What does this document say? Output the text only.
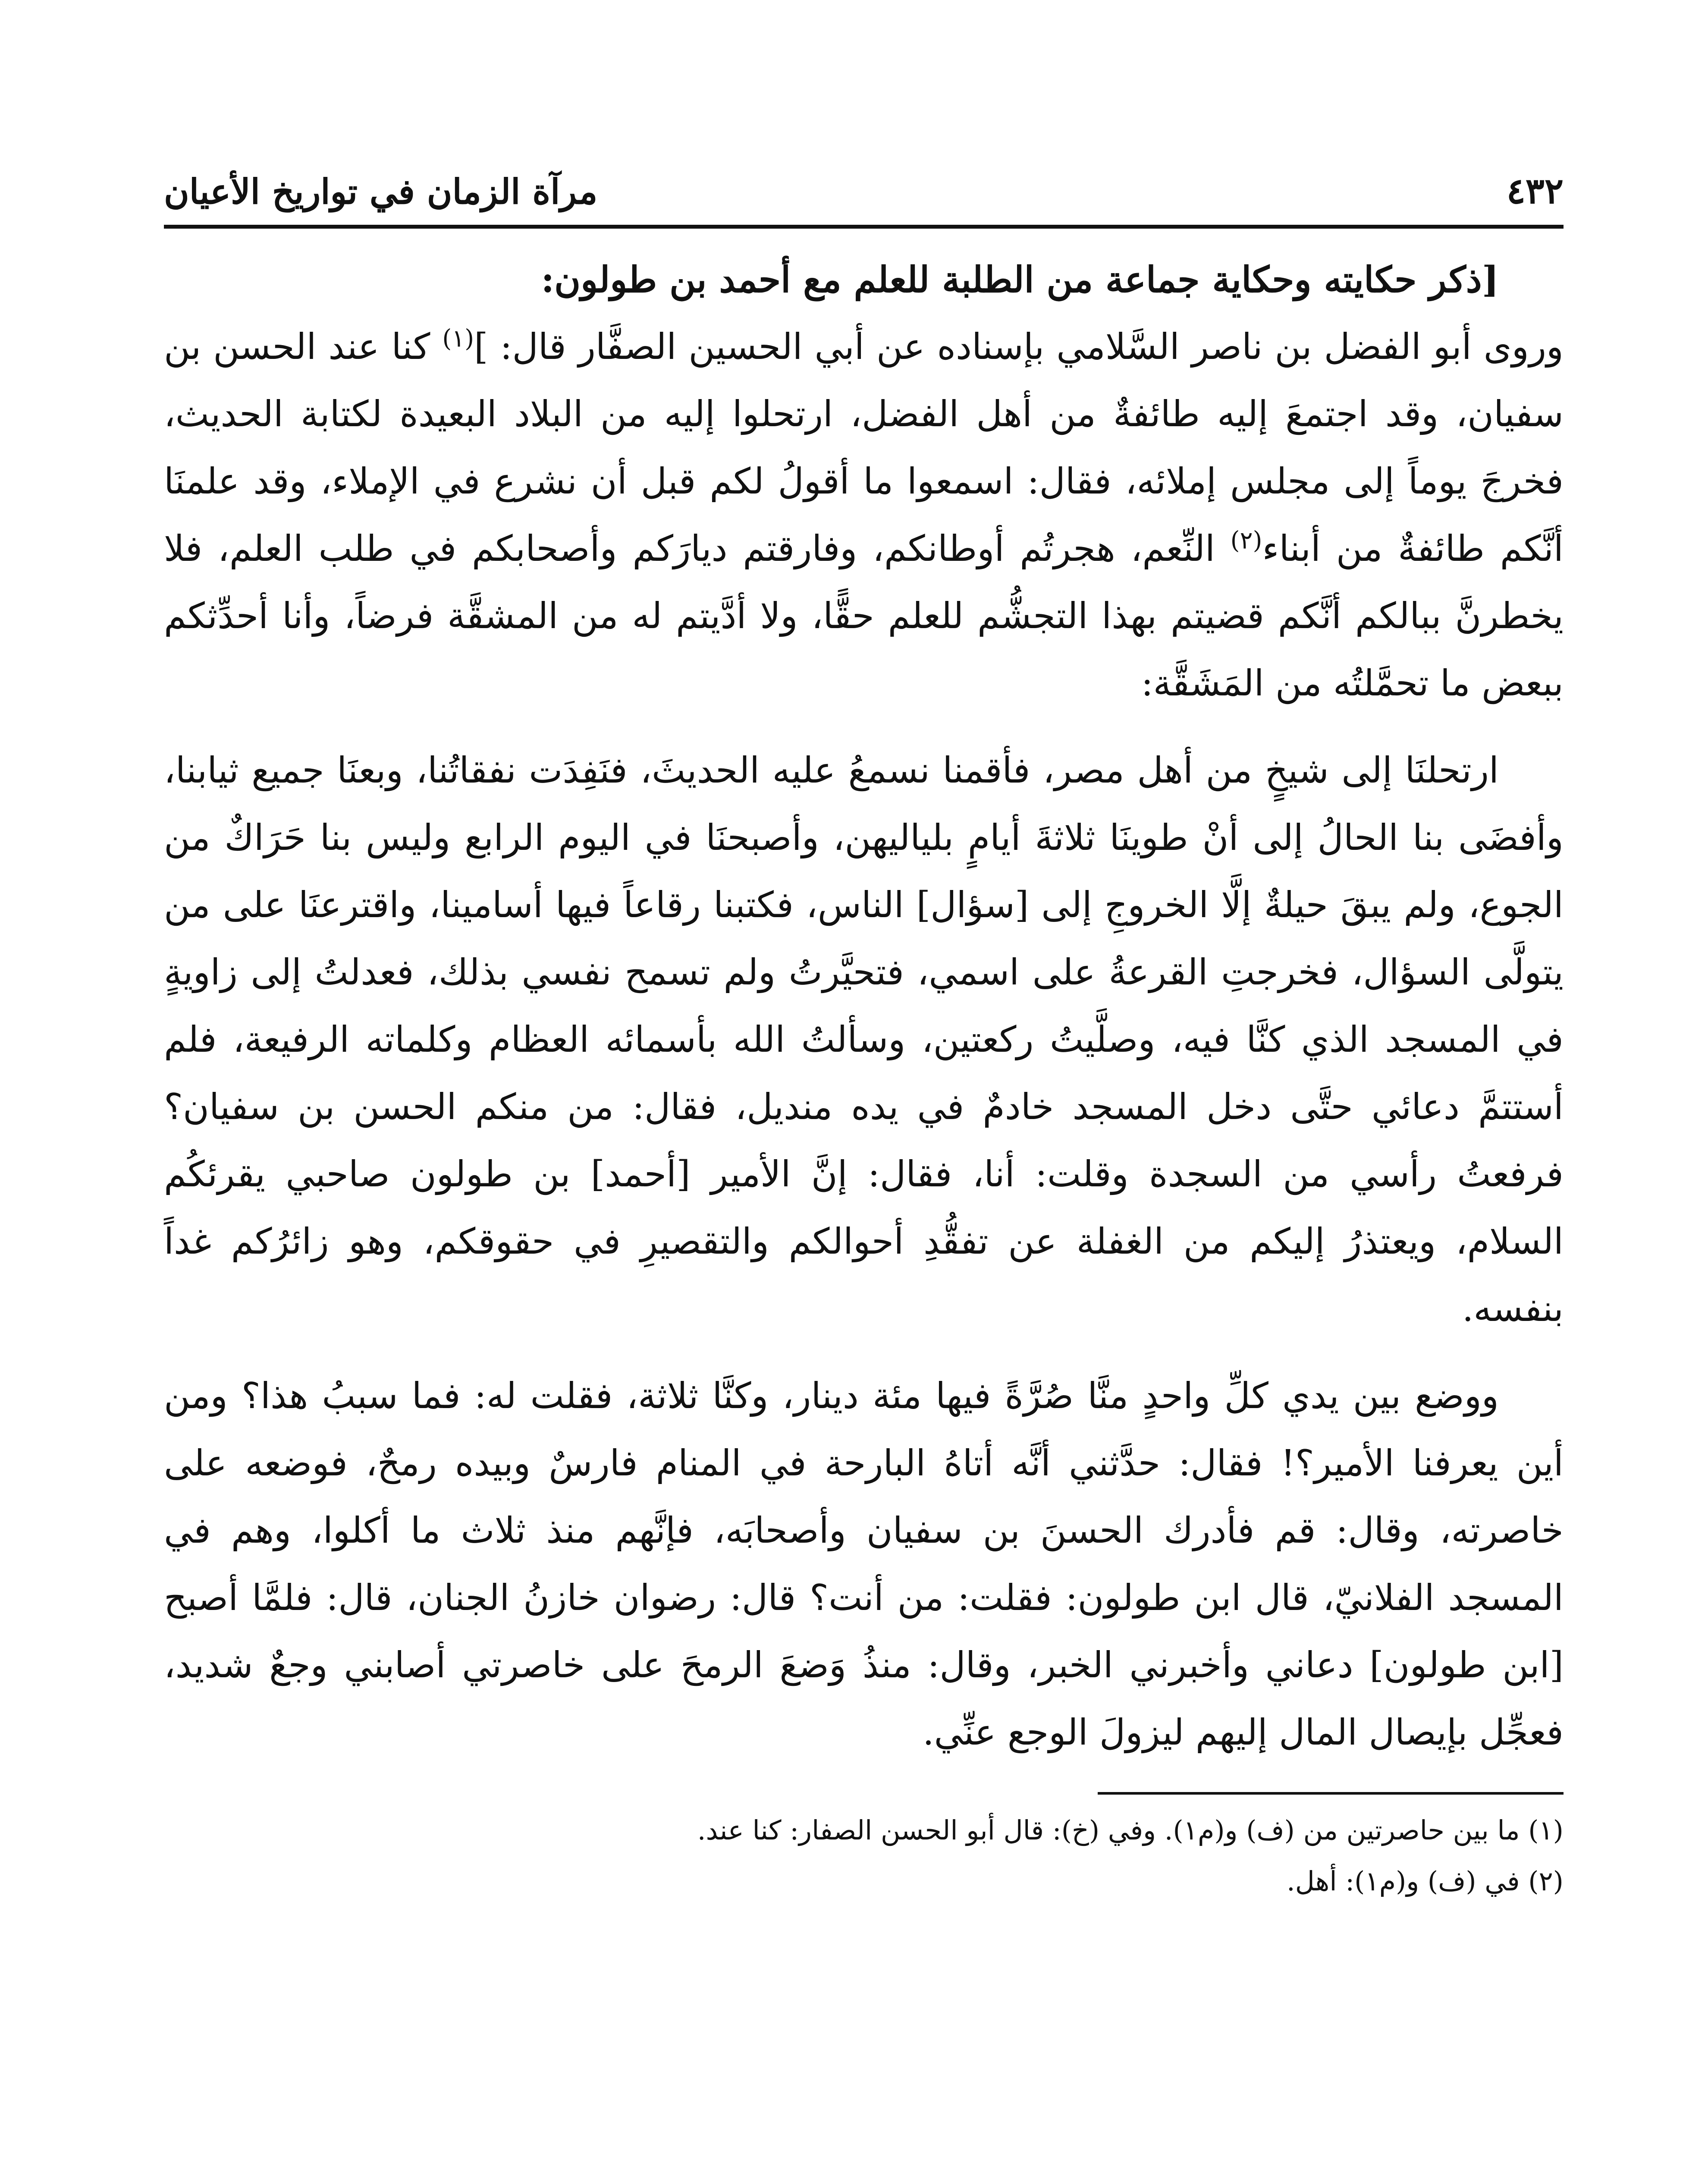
٤٣٢
مرآة الزمان في تواريخ الأعيان

[ذكر حكايته وحكاية جماعة من الطلبة للعلم مع أحمد بن طولون:

وروى أبو الفضل بن ناصر السَّلامي بإسناده عن أبي الحسين الصفَّار قال: ]$^{(١)}$ كنا عند الحسن بن سفيان، وقد اجتمعَ إليه طائفةٌ من أهل الفضل، ارتحلوا إليه من البلاد البعيدة لكتابة الحديث، فخرجَ يوماً إلى مجلس إملائه، فقال: اسمعوا ما أقولُ لكم قبل أن نشرع في الإملاء، وقد علمنَا أنَّكم طائفةٌ من أبناء$^{(٢)}$ النِّعم، هجرتُم أوطانكم، وفارقتم ديارَكم وأصحابكم في طلب العلم، فلا يخطرنَّ ببالكم أنَّكم قضيتم بهذا التجشُّم للعلم حقًّا، ولا أدَّيتم له من المشقَّة فرضاً، وأنا أحدِّثكم ببعض ما تحمَّلتُه من المَشَقَّة:

ارتحلنَا إلى شيخٍ من أهل مصر، فأقمنا نسمعُ عليه الحديثَ، فنَفِدَت نفقاتُنا، وبعنَا جميع ثيابنا، وأفضَى بنا الحالُ إلى أنْ طوينَا ثلاثةَ أيامٍ بلياليهن، وأصبحنَا في اليوم الرابع وليس بنا حَرَاكٌ من الجوع، ولم يبقَ حيلةٌ إلَّا الخروجِ إلى [سؤال] الناس، فكتبنا رقاعاً فيها أسامينا، واقترعنَا على من يتولَّى السؤال، فخرجتِ القرعةُ على اسمي، فتحيَّرتُ ولم تسمح نفسي بذلك، فعدلتُ إلى زاويةٍ في المسجد الذي كنَّا فيه، وصلَّيتُ ركعتين، وسألتُ الله بأسمائه العظام وكلماته الرفيعة، فلم أستتمَّ دعائي حتَّى دخل المسجد خادمٌ في يده منديل، فقال: من منكم الحسن بن سفيان؟ فرفعتُ رأسي من السجدة وقلت: أنا، فقال: إنَّ الأمير [أحمد] بن طولون صاحبي يقرئكُم السلام، ويعتذرُ إليكم من الغفلة عن تفقُّدِ أحوالكم والتقصيرِ في حقوقكم، وهو زائرُكم غداً بنفسه.

ووضع بين يدي كلِّ واحدٍ منَّا صُرَّةً فيها مئة دينار، وكنَّا ثلاثة، فقلت له: فما سببُ هذا؟ ومن أين يعرفنا الأمير؟! فقال: حدَّثني أنَّه أتاهُ البارحة في المنام فارسٌ وبيده رمحٌ، فوضعه على خاصرته، وقال: قم فأدرك الحسنَ بن سفيان وأصحابَه، فإنَّهم منذ ثلاث ما أكلوا، وهم في المسجد الفلانيّ، قال ابن طولون: فقلت: من أنت؟ قال: رضوان خازنُ الجنان، قال: فلمَّا أصبح [ابن طولون] دعاني وأخبرني الخبر، وقال: منذُ وَضعَ الرمحَ على خاصرتي أصابني وجعٌ شديد، فعجِّل بإيصال المال إليهم ليزولَ الوجع عنِّي.

(١) ما بين حاصرتين من (ف) و(م١). وفي (خ): قال أبو الحسن الصفار: كنا عند.

(٢) في (ف) و(م١): أهل.
